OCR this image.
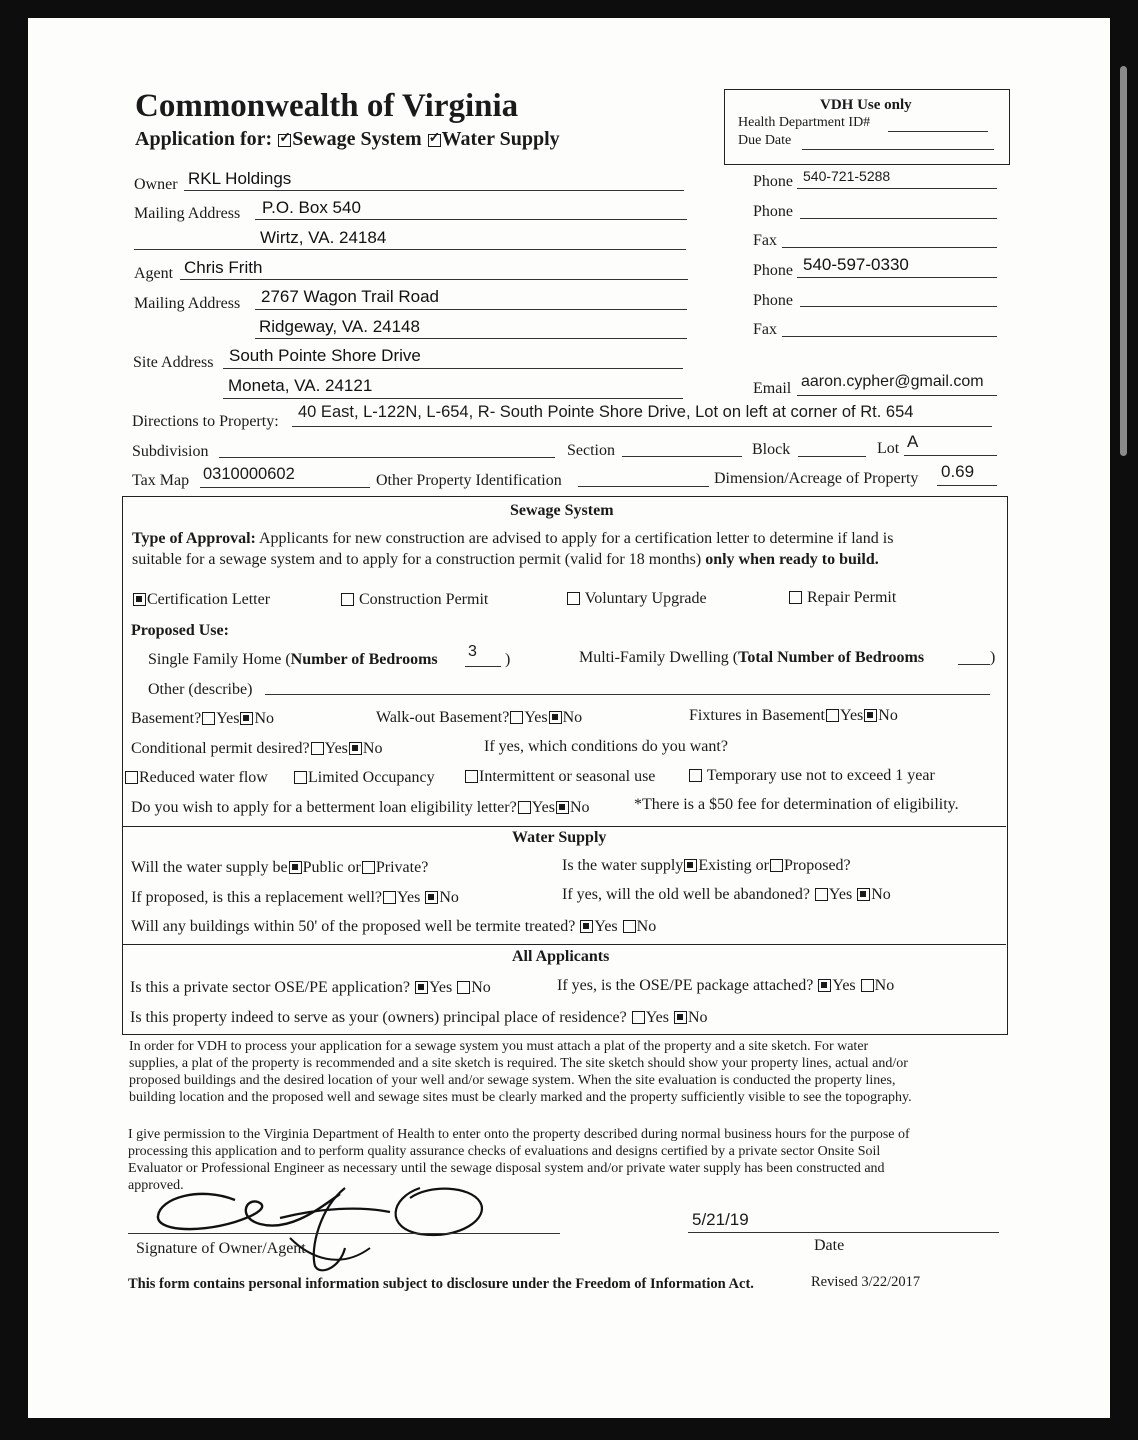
Commonwealth of Virginia
Application for: ✓ Sewage System ✓ Water Supply
VDH Use only
Health Department ID#
Due Date
Owner RKL Holdings
Mailing Address P.O. Box 540
Wirtz, VA. 24184
Phone 540-721-5288
Phone
Fax
Agent Chris Frith
Mailing Address 2767 Wagon Trail Road
Ridgeway, VA. 24148
Phone 540-597-0330
Phone
Fax
Site Address South Pointe Shore Drive
Moneta, VA. 24121	Email aaron.cypher@gmail.com
Directions to Property:
40 East, L-122N, L-654, R- South Pointe Shore Drive, Lot on left at corner of Rt. 654
Subdivision	Section	Block	Lot A
Tax Map 0310000602	Other Property Identification	Dimension/Acreage of Property 0.69
Sewage System
Type of Approval: Applicants for new construction are advised to apply for a certification letter to determine if land is
suitable for a sewage system and to apply for a construction permit (valid for 18 months) only when ready to build.
Certification Letter	Construction Permit	Voluntary Upgrade	Repair Permit
Proposed Use:
Single Family Home (Number of Bedrooms 3 )	Multi-Family Dwelling (Total Number of Bedrooms	)
Other (describe)
Basement? Yes No	Walk-out Basement? Yes No	Fixtures in Basement Yes No
Conditional permit desired? Yes No	If yes, which conditions do you want?
Reduced water flow	Limited Occupancy	Intermittent or seasonal use	Temporary use not to exceed 1 year
Do you wish to apply for a betterment loan eligibility letter? Yes No	*There is a $50 fee for determination of eligibility.
Water Supply
Will the water supply be Public or Private?	Is the water supply Existing or Proposed?
If proposed, is this a replacement well? Yes No	If yes, will the old well be abandoned? Yes No
Will any buildings within 50' of the proposed well be termite treated? Yes No
All Applicants
Is this a private sector OSE/PE application? Yes No	If yes, is the OSE/PE package attached? Yes No
Is this property indeed to serve as your (owners) principal place of residence? Yes No
In order for VDH to process your application for a sewage system you must attach a plat of the property and a site sketch. For water
supplies, a plat of the property is recommended and a site sketch is required. The site sketch should show your property lines, actual and/or
proposed buildings and the desired location of your well and/or sewage system. When the site evaluation is conducted the property lines,
building location and the proposed well and sewage sites must be clearly marked and the property sufficiently visible to see the topography.
I give permission to the Virginia Department of Health to enter onto the property described during normal business hours for the purpose of
processing this application and to perform quality assurance checks of evaluations and designs certified by a private sector Onsite Soil
Evaluator or Professional Engineer as necessary until the sewage disposal system and/or private water supply has been constructed and
approved.
Signature of Owner/Agent
5/21/19
Date
This form contains personal information subject to disclosure under the Freedom of Information Act.	Revised 3/22/2017
